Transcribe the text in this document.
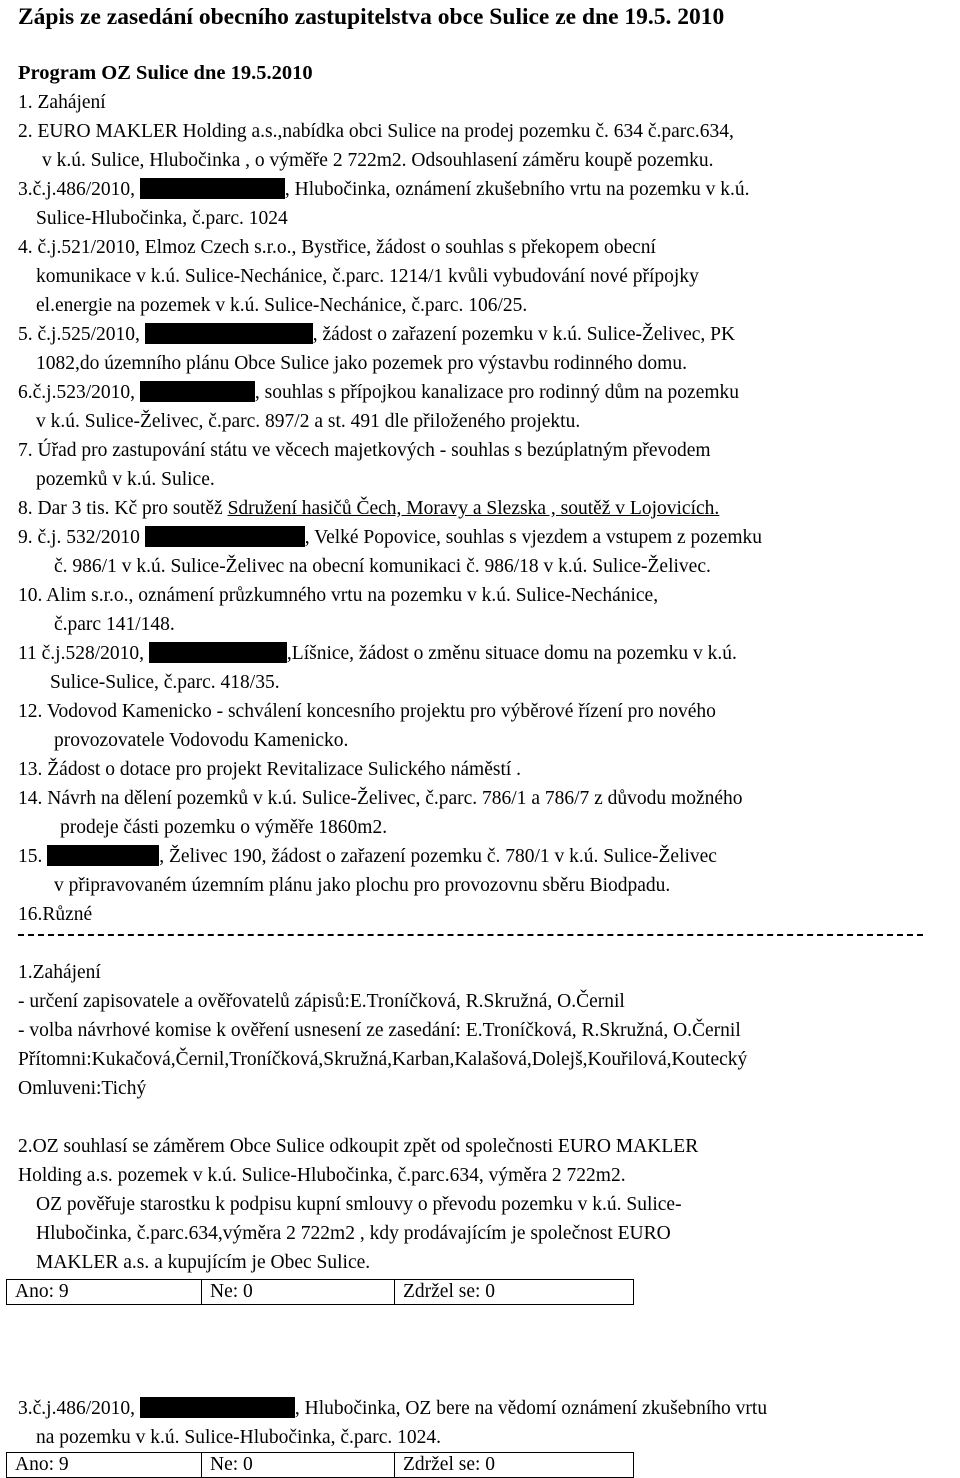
Zápis ze zasedání obecního zastupitelstva obce Sulice ze dne 19.5. 2010
Program OZ Sulice dne 19.5.2010
1. Zahájení
2. EURO MAKLER Holding a.s.,nabídka obci Sulice na prodej pozemku č. 634 č.parc.634,
v k.ú. Sulice, Hlubočinka , o výměře 2 722m2. Odsouhlasení záměru koupě pozemku.
3.č.j.486/2010,	, Hlubočinka, oznámení zkušebního vrtu na pozemku v k.ú.
Sulice-Hlubočinka, č.parc. 1024
4. č.j.521/2010, Elmoz Czech s.r.o., Bystřice, žádost o souhlas s překopem obecní
komunikace v k.ú. Sulice-Nechánice, č.parc. 1214/1 kvůli vybudování nové přípojky
el.energie na pozemek v k.ú. Sulice-Nechánice, č.parc. 106/25.
5. č.j.525/2010,	, žádost o zařazení pozemku v k.ú. Sulice-Želivec, PK
1082,do územního plánu Obce Sulice jako pozemek pro výstavbu rodinného domu.
6.č.j.523/2010,	, souhlas s přípojkou kanalizace pro rodinný dům na pozemku
v k.ú. Sulice-Želivec, č.parc. 897/2 a st. 491 dle přiloženého projektu.
7. Úřad pro zastupování státu ve věcech majetkových - souhlas s bezúplatným převodem
pozemků v k.ú. Sulice.
8. Dar 3 tis. Kč pro soutěž Sdružení hasičů Čech, Moravy a Slezska , soutěž v Lojovicích.
9. č.j. 532/2010	, Velké Popovice, souhlas s vjezdem a vstupem z pozemku
č. 986/1 v k.ú. Sulice-Želivec na obecní komunikaci č. 986/18 v k.ú. Sulice-Želivec.
10. Alim s.r.o., oznámení průzkumného vrtu na pozemku v k.ú. Sulice-Nechánice,
č.parc 141/148.
11 č.j.528/2010,	,Líšnice, žádost o změnu situace domu na pozemku v k.ú.
Sulice-Sulice, č.parc. 418/35.
12. Vodovod Kamenicko - schválení koncesního projektu pro výběrové řízení pro nového
provozovatele Vodovodu Kamenicko.
13. Žádost o dotace pro projekt Revitalizace Sulického náměstí .
14. Návrh na dělení pozemků v k.ú. Sulice-Želivec, č.parc. 786/1 a 786/7 z důvodu možného
prodeje části pozemku o výměře 1860m2.
15.	, Želivec 190, žádost o zařazení pozemku č. 780/1 v k.ú. Sulice-Želivec
v připravovaném územním plánu jako plochu pro provozovnu sběru Biodpadu.
16.Různé
1.Zahájení
- určení zapisovatele a ověřovatelů zápisů:E.Troníčková, R.Skružná, O.Černil
- volba návrhové komise k ověření usnesení ze zasedání: E.Troníčková, R.Skružná, O.Černil
Přítomni:Kukačová,Černil,Troníčková,Skružná,Karban,Kalašová,Dolejš,Kouřilová,Koutecký
Omluveni:Tichý
2.OZ souhlasí se záměrem Obce Sulice odkoupit zpět od společnosti EURO MAKLER
Holding a.s. pozemek v k.ú. Sulice-Hlubočinka, č.parc.634, výměra 2 722m2.
OZ pověřuje starostku k podpisu kupní smlouvy o převodu pozemku v k.ú. Sulice-
Hlubočinka, č.parc.634,výměra 2 722m2 , kdy prodávajícím je společnost EURO
MAKLER a.s. a kupujícím je Obec Sulice.
Ano: 9	Ne: 0	Zdržel se: 0
3.č.j.486/2010,	, Hlubočinka, OZ bere na vědomí oznámení zkušebního vrtu
na pozemku v k.ú. Sulice-Hlubočinka, č.parc. 1024.
Ano: 9	Ne: 0	Zdržel se: 0
